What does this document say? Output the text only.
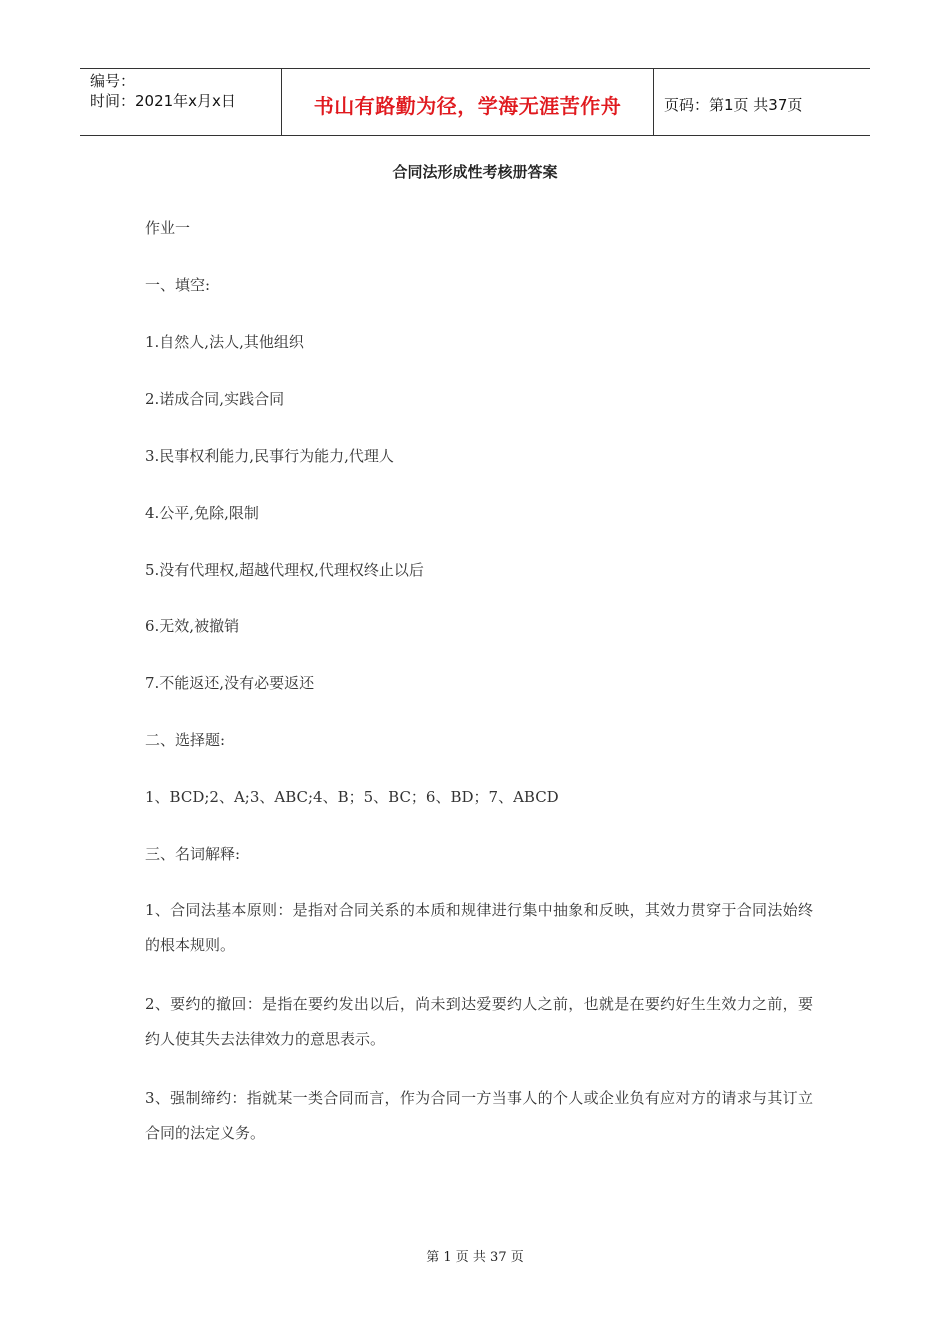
编号：
时间：2021年x月x日	书山有路勤为径，学海无涯苦作舟	页码：第1页 共37页
合同法形成性考核册答案
作业一
一、填空:
1.自然人,法人,其他组织
2.诺成合同,实践合同
3.民事权利能力,民事行为能力,代理人
4.公平,免除,限制
5.没有代理权,超越代理权,代理权终止以后
6.无效,被撤销
7.不能返还,没有必要返还
二、选择题:
1、BCD;2、A;3、ABC;4、B；5、BC；6、BD；7、ABCD
三、名词解释:
1、合同法基本原则：是指对合同关系的本质和规律进行集中抽象和反映，其效力贯穿于合同法始终的根本规则。
2、要约的撤回：是指在要约发出以后，尚未到达爱要约人之前，也就是在要约好生生效力之前，要约人使其失去法律效力的意思表示。
3、强制缔约：指就某一类合同而言，作为合同一方当事人的个人或企业负有应对方的请求与其订立合同的法定义务。
第 1 页 共 37 页
